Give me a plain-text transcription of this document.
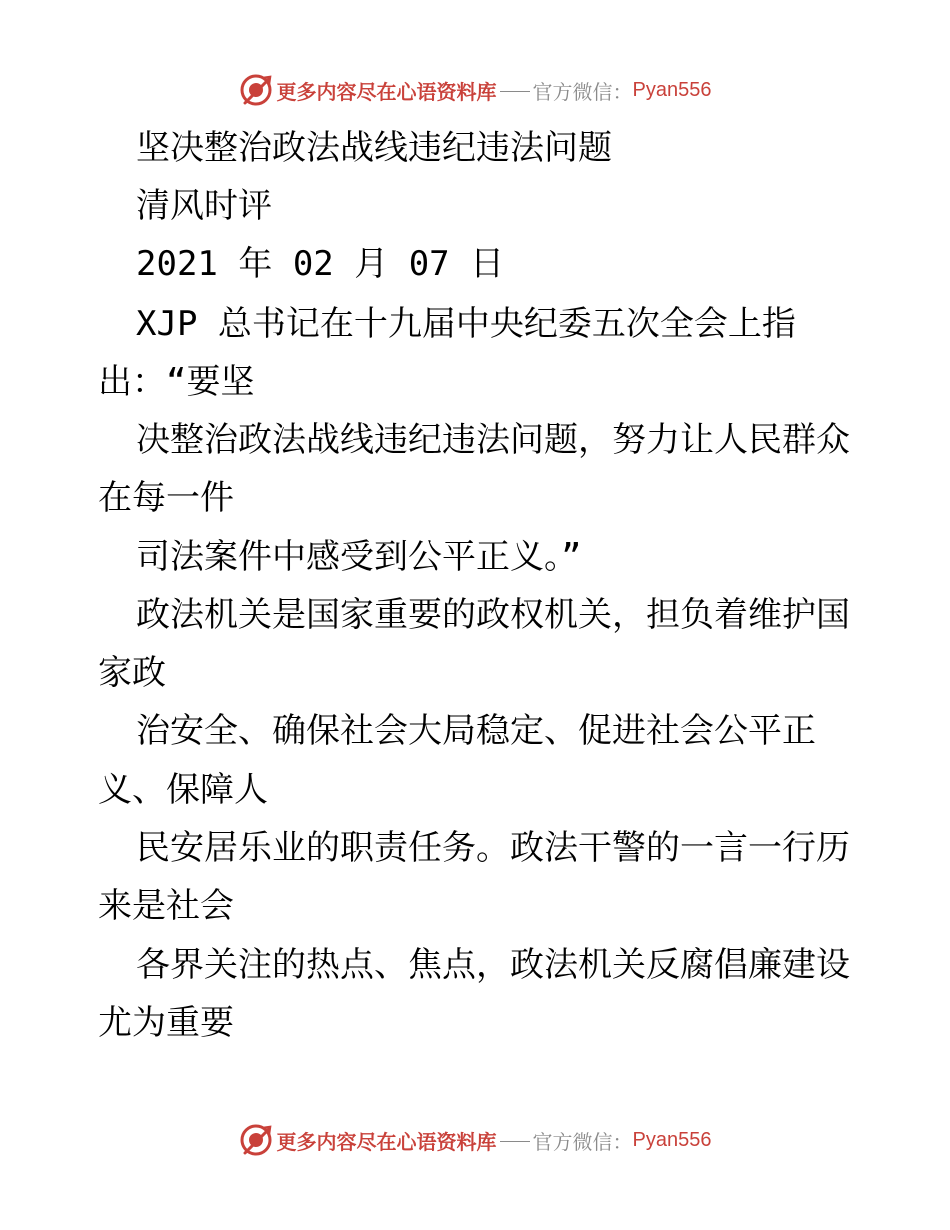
更多内容尽在心语资料库 官方微信： Pyan556
坚决整治政法战线违纪违法问题
清风时评
2021 年 02 月 07 日
XJP 总书记在十九届中央纪委五次全会上指
出：“要坚
决整治政法战线违纪违法问题，努力让人民群众
在每一件
司法案件中感受到公平正义。”
政法机关是国家重要的政权机关，担负着维护国
家政
治安全、确保社会大局稳定、促进社会公平正
义、保障人
民安居乐业的职责任务。政法干警的一言一行历
来是社会
各界关注的热点、焦点，政法机关反腐倡廉建设
尤为重要
更多内容尽在心语资料库 官方微信： Pyan556
